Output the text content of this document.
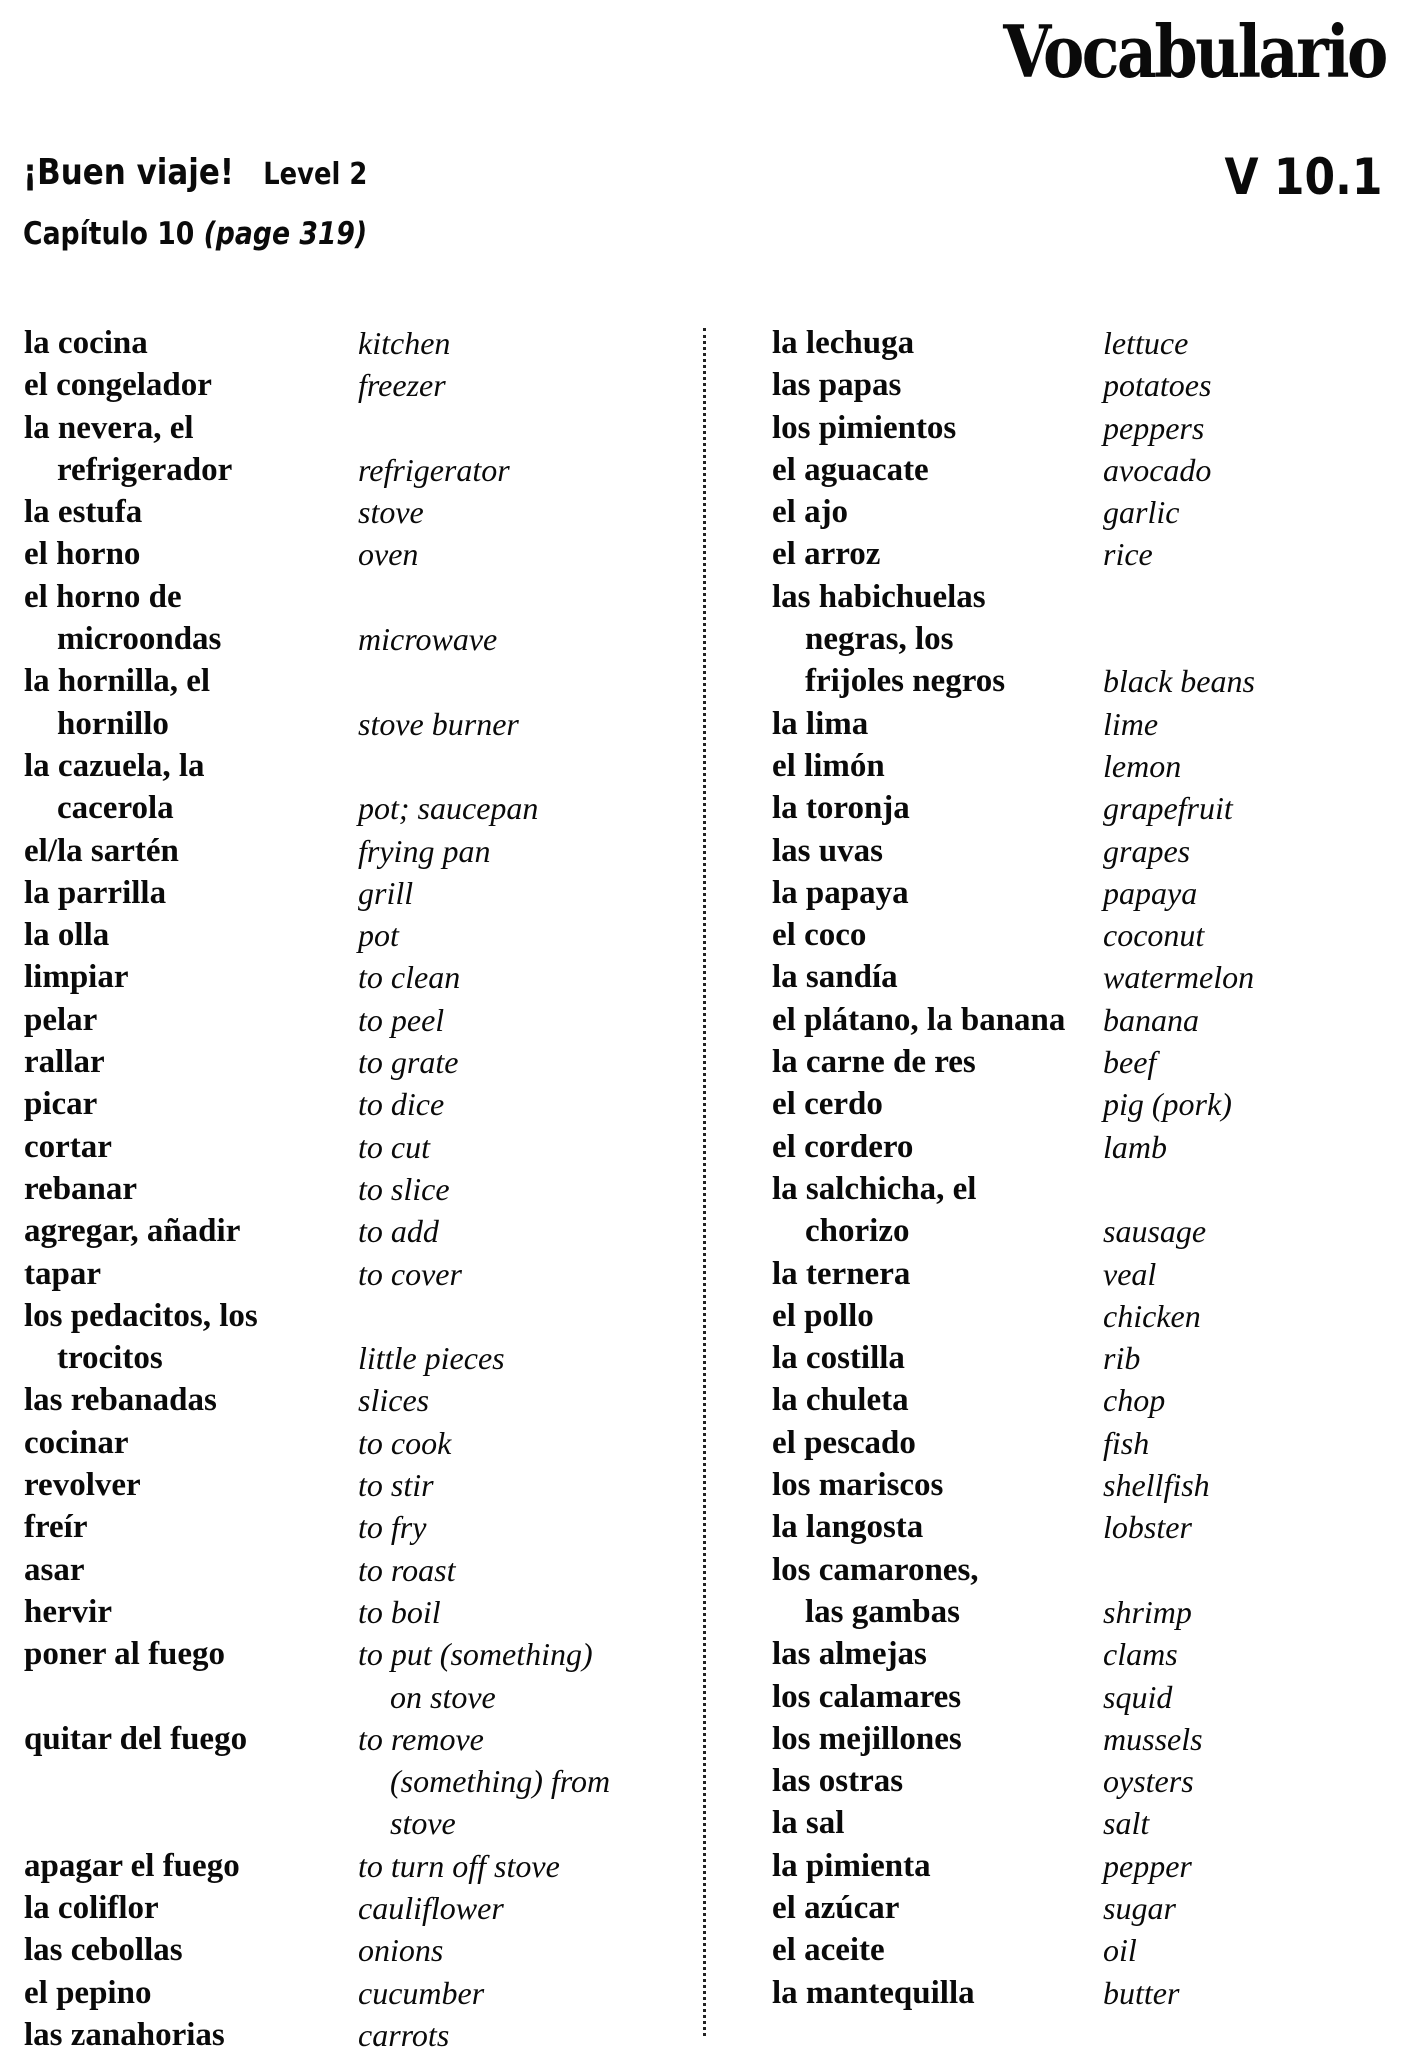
Vocabulario
¡Buen viaje! Level 2
Capítulo 10 (page 319)
V 10.1
la cocina	kitchen
el congelador	freezer
la nevera, el
refrigerador	refrigerator
la estufa	stove
el horno	oven
el horno de
microondas	microwave
la hornilla, el
hornillo	stove burner
la cazuela, la
cacerola	pot; saucepan
el/la sartén	frying pan
la parrilla	grill
la olla	pot
limpiar	to clean
pelar	to peel
rallar	to grate
picar	to dice
cortar	to cut
rebanar	to slice
agregar, añadir	to add
tapar	to cover
los pedacitos, los
trocitos	little pieces
las rebanadas	slices
cocinar	to cook
revolver	to stir
freír	to fry
asar	to roast
hervir	to boil
poner al fuego	to put (something)
on stove
quitar del fuego	to remove
(something) from
stove
apagar el fuego	to turn off stove
la coliflor	cauliflower
las cebollas	onions
el pepino	cucumber
las zanahorias	carrots
la lechuga	lettuce
las papas	potatoes
los pimientos	peppers
el aguacate	avocado
el ajo	garlic
el arroz	rice
las habichuelas
negras, los
frijoles negros	black beans
la lima	lime
el limón	lemon
la toronja	grapefruit
las uvas	grapes
la papaya	papaya
el coco	coconut
la sandía	watermelon
el plátano, la banana	banana
la carne de res	beef
el cerdo	pig (pork)
el cordero	lamb
la salchicha, el
chorizo	sausage
la ternera	veal
el pollo	chicken
la costilla	rib
la chuleta	chop
el pescado	fish
los mariscos	shellfish
la langosta	lobster
los camarones,
las gambas	shrimp
las almejas	clams
los calamares	squid
los mejillones	mussels
las ostras	oysters
la sal	salt
la pimienta	pepper
el azúcar	sugar
el aceite	oil
la mantequilla	butter
